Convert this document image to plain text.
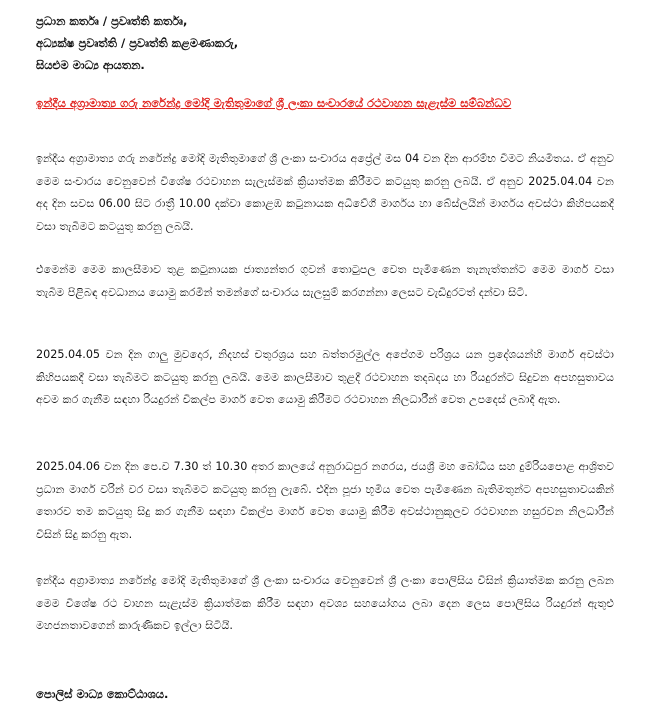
ප්‍රධාන කර්තෘ / ප්‍රවෘත්ති කර්තෘ,
අධ්‍යක්ෂ ප්‍රවෘත්ති / ප්‍රවෘත්ති කළමණාකරු,
සියළුම මාධ්‍ය ආයතන.
ඉන්දීය අග්‍රාමාත්‍ය ගරු නරේන්ද්‍ර මෝදි මැතිතුමාගේ ශ්‍රී ලංකා සංචාරයේ රථවාහන සැළැස්ම සම්බන්ධව

ඉන්දීය අග්‍රාමාත්‍ය ගරු නරේන්ද්‍ර මෝදි මැතිතුමාගේ ශ්‍රී ලංකා සංචාරය අප්‍රේල් මස 04 වන දින ආරම්භ වීමට නියමිතය. ඒ අනුව මෙම සංචාරය වෙනුවෙන් විශේෂ රථවාහන සැලැස්මක් ක්‍රියාත්මක කිරීමට කටයුතු කරනු ලබයි. ඒ අනුව 2025.04.04 වන අද දින සවස 06.00 සිට රාත්‍රී 10.00 දක්වා කොළඹ කටුනායක අධිවේගී මාර්ගය හා බේස්ලයින් මාර්ගය අවස්ථා කිහිපයකදී වසා තැබීමට කටයුතු කරනු ලබයි.

එමෙන්ම මෙම කාලසීමාව තුළ කටුනායක ජාත්‍යන්තර ගුවන් තොටුපල වෙත පැමිණෙන තැනැත්තන්ට මෙම මාර්ග වසා තැබීම පිළිබඳ අවධානය යොමු කරමින් තමන්ගේ සංචාරය සැලසුම් කරගන්නා ලෙසට වැඩිදුරටත් දන්වා සිටී.

2025.04.05 වන දින ගාලු මුවදොර, නිදහස් චතුරශ්‍රය සහ බත්තරමුල්ල අපේගම පරිශ්‍රය යන ප්‍රදේශයන්හි මාර්ග අවස්ථා කිහිපයකදී වසා තැබීමට කටයුතු කරනු ලබයි. මෙම කාලසීමාව තුළදී රථවාහන තදබදය හා රියදුරන්ට සිදුවන අපහසුතාවය අවම කර ගැනීම සඳහා රියදුරන් විකල්ප මාර්ග වෙත යොමු කිරීමට රථවාහන නිලධාරීන් වෙත උපදෙස් ලබාදී ඇත.

2025.04.06 වන දින පෙ.ව 7.30 ත් 10.30 අතර කාලයේ අනුරාධපුර නගරය, ජයශ්‍රී මහ බෝධිය සහ දුම්රියපොළ ආශ්‍රිතව ප්‍රධාන මාර්ග වරින් වර වසා තැබීමට කටයුතු කරනු ලැබේ. එදින පූජා භූමිය වෙත පැමිණෙන බැතිමතුන්ට අපහසුතාවයකින් තොරව තම කටයුතු සිදු කර ගැනීම සඳහා විකල්ප මාර්ග වෙත යොමු කිරීම අවස්ථානුකූලව රථවාහන හසුරවන නිලධාරීන් විසින් සිදු කරනු ඇත.

ඉන්දීය අග්‍රාමාත්‍ය නරේන්ද්‍ර මෝදි මැතිතුමාගේ ශ්‍රී ලංකා සංචාරය වෙනුවෙන් ශ්‍රී ලංකා පොලිසිය විසින් ක්‍රියාත්මක කරනු ලබන මෙම විශේෂ රථ වාහන සැළැස්ම ක්‍රියාත්මක කිරීම සඳහා අවශ්‍ය සහයෝගය ලබා දෙන ලෙස පොලිසිය රියදුරන් ඇතුළු මහජනතාවගෙන් කාරුණිකව ඉල්ලා සිටියි.

පොලිස් මාධ්‍ය කොට්ඨාශය.
